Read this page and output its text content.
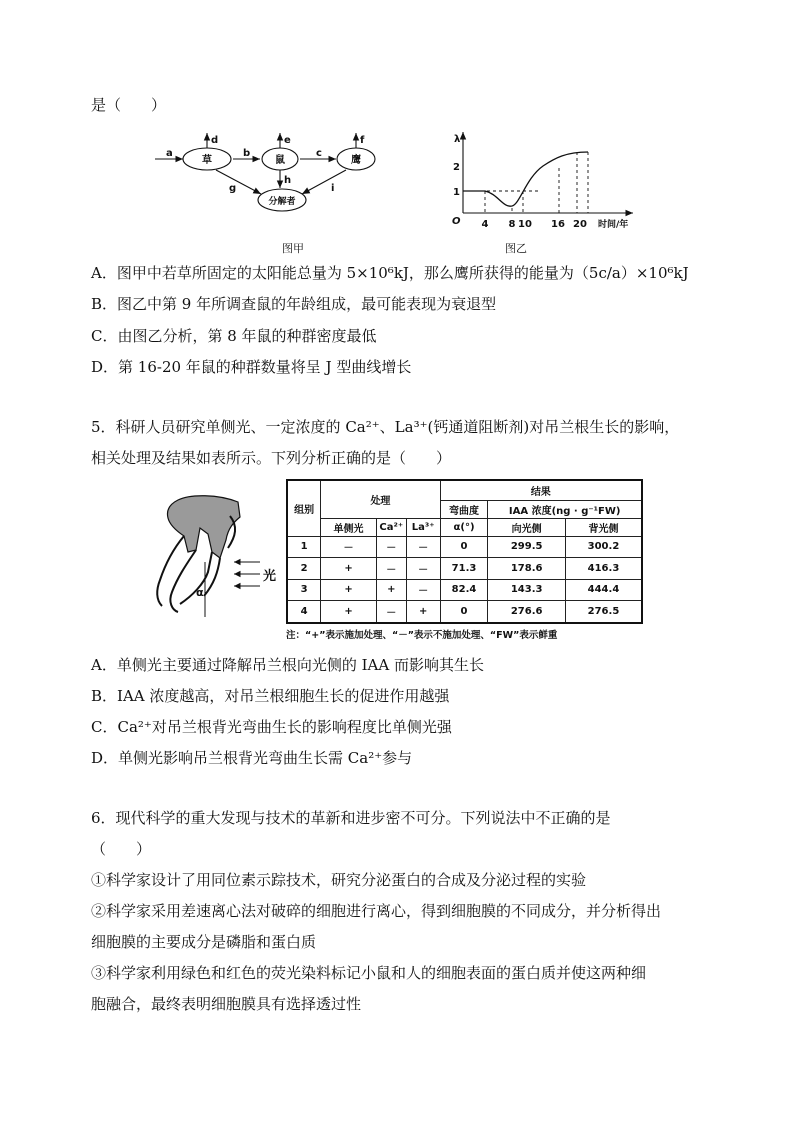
是（　　）
草	鼠	鹰
分解者
a	b	c
d	e	f
g
h
i
图甲
λ
O
1
2
4 8 10 16 20 时间/年
图乙
A．图甲中若草所固定的太阳能总量为 5×10⁶kJ，那么鹰所获得的能量为（5c/a）×10⁶kJ
B．图乙中第 9 年所调查鼠的年龄组成，最可能表现为衰退型
C．由图乙分析，第 8 年鼠的种群密度最低
D．第 16-20 年鼠的种群数量将呈 J 型曲线增长
5．科研人员研究单侧光、一定浓度的 Ca²⁺、La³⁺(钙通道阻断剂)对吊兰根生长的影响，
相关处理及结果如表所示。下列分析正确的是（　　）
光
α
组别	处理			结果		
				弯曲度	IAA 浓度(ng · g⁻¹FW)	
	单侧光	Ca²⁺	La³⁺	α(°)	向光侧	背光侧
1	－	－	－	0	299.5	300.2
2	+	－	－	71.3	178.6	416.3
3	+	+	－	82.4	143.3	444.4
4	+	－	+	0	276.6	276.5
注：“+”表示施加处理、“－”表示不施加处理、“FW”表示鲜重
A．单侧光主要通过降解吊兰根向光侧的 IAA 而影响其生长
B．IAA 浓度越高，对吊兰根细胞生长的促进作用越强
C．Ca²⁺对吊兰根背光弯曲生长的影响程度比单侧光强
D．单侧光影响吊兰根背光弯曲生长需 Ca²⁺参与
6．现代科学的重大发现与技术的革新和进步密不可分。下列说法中不正确的是
（　　）
①科学家设计了用同位素示踪技术，研究分泌蛋白的合成及分泌过程的实验
②科学家采用差速离心法对破碎的细胞进行离心，得到细胞膜的不同成分，并分析得出
细胞膜的主要成分是磷脂和蛋白质
③科学家利用绿色和红色的荧光染料标记小鼠和人的细胞表面的蛋白质并使这两种细
胞融合，最终表明细胞膜具有选择透过性
